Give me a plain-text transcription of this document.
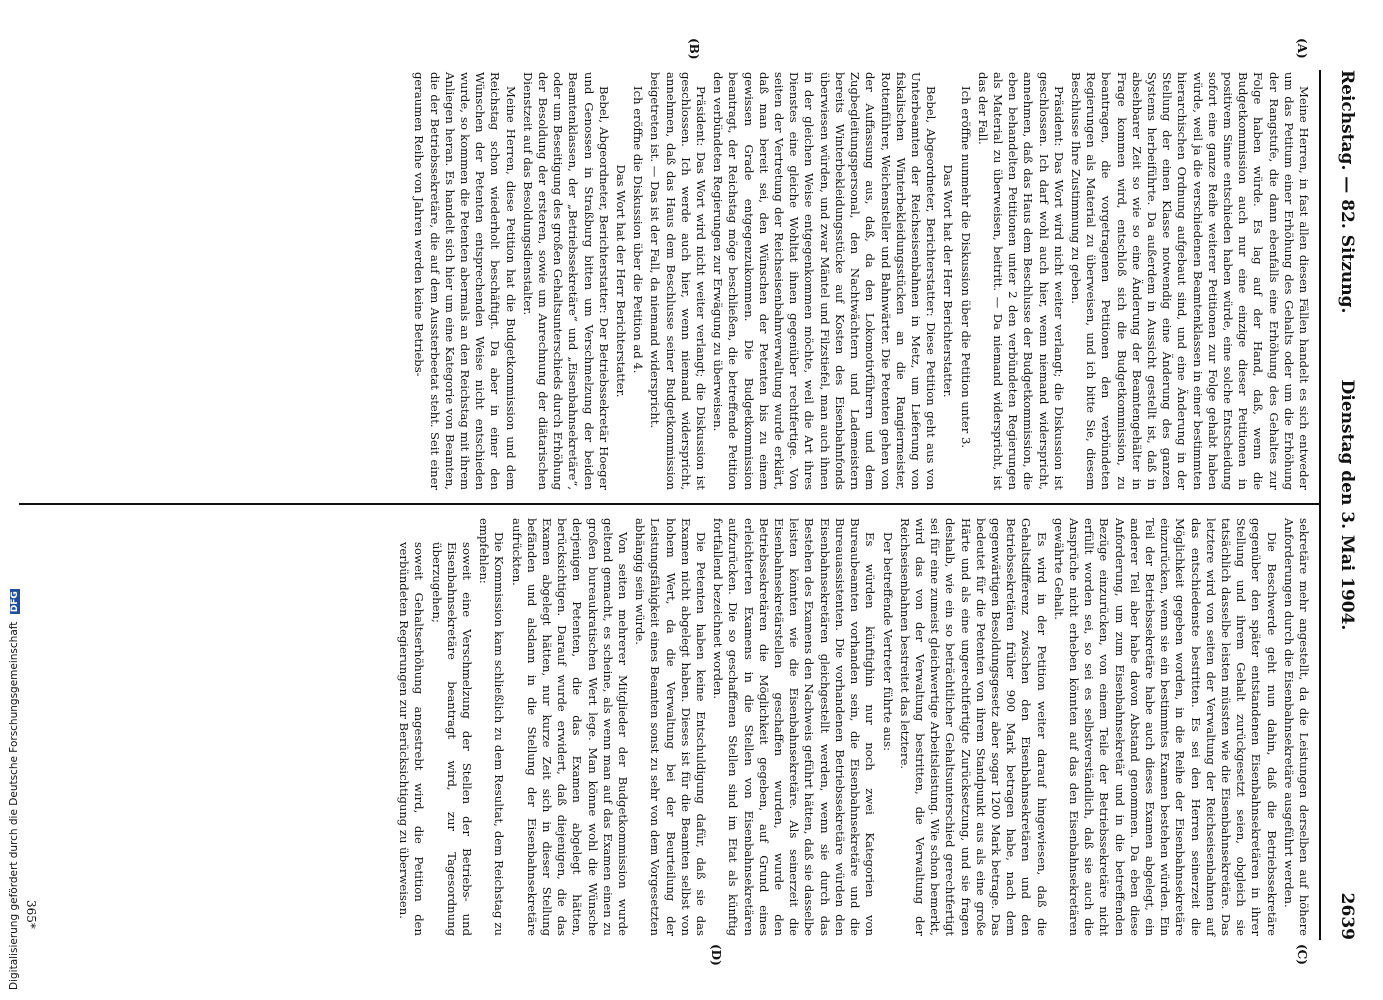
Digitalisierung gefördert durch die Deutsche Forschungsgemeinschaft DFG
Reichstag. — 82. Sitzung.
Dienstag den 3. Mai 1904.
2639
(A)
(B)
(C)
(D)

Meine Herren, in fast allen diesen Fällen handelt es sich entweder um das Petitum einer Erhöhung des Gehalts oder um die Erhöhung der Rangstufe, die dann ebenfalls eine Erhöhung des Gehaltes zur Folge haben würde. Es lag auf der Hand, daß, wenn die Budgetkommission auch nur eine einzige dieser Petitionen in positivem Sinne entschieden haben würde, eine solche Entscheidung sofort eine ganze Reihe weiterer Petitionen zur Folge gehabt haben würde, weil ja die verschiedenen Beamtenklassen in einer bestimmten hierarchischen Ordnung aufgebaut sind, und eine Änderung in der Stellung der einen Klasse notwendig eine Änderung des ganzen Systems herbeiführte. Da außerdem in Aussicht gestellt ist, daß in absehbarer Zeit so wie so eine Änderung der Beamtengehälter in Frage kommen wird, entschloß sich die Budgetkommission, zu beantragen, die vorgetragenen Petitionen den verbündeten Regierungen als Material zu überweisen, und ich bitte Sie, diesem Beschlusse Ihre Zustimmung zu geben.

Präsident: Das Wort wird nicht weiter verlangt; die Diskussion ist geschlossen. Ich darf wohl auch hier, wenn niemand widerspricht, annehmen, daß das Haus dem Beschlusse der Budgetkommission, die eben behandelten Petitionen unter 2 den verbündeten Regierungen als Material zu überweisen, beitritt. — Da niemand widerspricht, ist das der Fall.

Ich eröffne nunmehr die Diskussion über die Petition unter 3.

Das Wort hat der Herr Berichterstatter.

Bebel, Abgeordneter, Berichterstatter: Diese Petition geht aus von Unterbeamten der Reichseisenbahnen in Metz, um Lieferung von fiskalischen Winterbekleidungsstücken an die Rangiermeister, Rottenführer, Weichensteller und Bahnwärter. Die Petenten gehen von der Auffassung aus, daß, da den Lokomotivführern und dem Zugbegleitungspersonal, den Nachtwächtern und Lademeistern bereits Winterbekleidungsstücke auf Kosten des Eisenbahnfonds überwiesen würden, und zwar Mäntel und Filzstiefel, man auch ihnen in der gleichen Weise entgegenkommen möchte, weil die Art ihres Dienstes eine gleiche Wohltat ihnen gegenüber rechtfertige. Von seiten der Vertretung der Reichseisenbahnverwaltung wurde erklärt, daß man bereit sei, den Wünschen der Petenten bis zu einem gewissen Grade entgegenzukommen. Die Budgetkommission beantragt, der Reichstag möge beschließen, die betreffende Petition den verbündeten Regierungen zur Erwägung zu überweisen.

Präsident: Das Wort wird nicht weiter verlangt; die Diskussion ist geschlossen. Ich werde auch hier, wenn niemand widerspricht, annehmen, daß das Haus dem Beschlusse seiner Budgetkommission beigetreten ist. — Das ist der Fall, da niemand widerspricht.

Ich eröffne die Diskussion über die Petition ad 4.

Das Wort hat der Herr Berichterstatter.

Bebel, Abgeordneter, Berichterstatter: Der Betriebssekretär Hoeger und Genossen in Straßburg bitten um Verschmelzung der beiden Beamtenklassen, der „Betriebssekretäre“ und „Eisenbahnsekretäre“, oder um Beseitigung des großen Gehaltsunterschieds durch Erhöhung der Besoldung der ersteren, sowie um Anrechnung der diätarischen Dienstzeit auf das Besoldungsdienstalter.

Meine Herren, diese Petition hat die Budgetkommission und dem Reichstag schon wiederholt beschäftigt. Da aber in einer den Wünschen der Petenten entsprechenden Weise nicht entschieden wurde, so kommen die Petenten abermals an den Reichstag mit ihrem Anliegen heran. Es handelt sich hier um eine Kategorie von Beamten, die der Betriebssekretäre, die auf dem Aussterbeetat steht. Seit einer geraumen Reihe von Jahren werden keine Betriebs-

sekretäre mehr angestellt, da die Leistungen derselben auf höhere Anforderungen durch die Eisenbahnsekretäre ausgeführt werden.

Die Beschwerde geht nun dahin, daß die Betriebssekretäre gegenüber den später entstandenen Eisenbahnsekretären in ihrer Stellung und ihrem Gehalt zurückgesetzt seien, obgleich sie tatsächlich dasselbe leisten müssten wie die Eisenbahnsekretäre. Das letztere wird von seiten der Verwaltung der Reichseisenbahnen auf das entschiedenste bestritten. Es sei den Herren seinerzeit die Möglichkeit gegeben worden, in die Reihe der Eisenbahnsekretäre einzurücken, wenn sie ein bestimmtes Examen bestehen würden. Ein Teil der Betriebssekretäre habe auch dieses Examen abgelegt, ein anderer Teil aber habe davon Abstand genommen. Da eben diese Anforderung, um zum Eisenbahnsekretär und in die betreffenden Bezüge einzurücken, von einem Teile der Betriebssekretäre nicht erfüllt worden sei, so sei es selbstverständlich, daß sie auch die Ansprüche nicht erheben könnten auf das den Eisenbahnsekretären gewährte Gehalt.

Es wird in der Petition weiter darauf hingewiesen, daß die Gehaltsdifferenz zwischen den Eisenbahnsekretären und den Betriebssekretären früher 900 Mark betragen habe, nach dem gegenwärtigen Besoldungsgesetz aber sogar 1200 Mark betrage. Das bedeutet für die Petenten von ihrem Standpunkt aus als eine große Härte und als eine ungerechtfertigte Zurücksetzung, und sie fragen deshalb, wie ein so beträchtlicher Gehaltsunterschied gerechtfertigt sei für eine zumeist gleichwertige Arbeitsleistung. Wie schon bemerkt, wird das von der Verwaltung bestritten, die Verwaltung der Reichseisenbahnen bestreitet das letztere.

Der betreffende Vertreter führte aus:

Es würden künftighin nur noch zwei Kategorien von Bureaubeamten vorhanden sein, die Eisenbahnsekretäre und die Bureauassistenten. Die vorhandenen Betriebssekretäre würden den Eisenbahnsekretären gleichgestellt werden, wenn sie durch das Bestehen des Examens den Nachweis geführt hätten, daß sie dasselbe leisten könnten wie die Eisenbahnsekretäre. Als seinerzeit die Eisenbahnsekretärstellen geschaffen wurden, wurde den Betriebssekretären die Möglichkeit gegeben, auf Grund eines erleichterten Examens in die Stellen von Eisenbahnsekretären aufzurücken. Die so geschaffenen Stellen sind im Etat als künftig fortfallend bezeichnet worden.

Die Petenten haben keine Entschuldigung dafür, daß sie das Examen nicht abgelegt haben. Dieses ist für die Beamten selbst von hohem Wert, da die Verwaltung bei der Beurteilung der Leistungsfähigkeit eines Beamten sonst zu sehr von dem Vorgesetzten abhängig sein würde.

Von seiten mehrerer Mitglieder der Budgetkommission wurde geltend gemacht, es scheine, als wenn man auf das Examen einen zu großen bureaukratischen Wert lege. Man könne wohl die Wünsche derjenigen Petenten, die das Examen abgelegt hätten, berücksichtigen. Darauf wurde erwidert, daß diejenigen, die das Examen abgelegt hätten, nur kurze Zeit sich in dieser Stellung befänden und alsdann in die Stellung der Eisenbahnsekretäre aufrückten.

Die Kommission kam schließlich zu dem Resultat, dem Reichstag zu empfehlen:

soweit eine Verschmelzung der Stellen der Betriebs- und Eisenbahnsekretäre beantragt wird, zur Tagesordnung überzugehen;

soweit Gehaltserhöhung angestrebt wird, die Petition den verbündeten Regierungen zur Berücksichtigung zu überweisen.

365*
